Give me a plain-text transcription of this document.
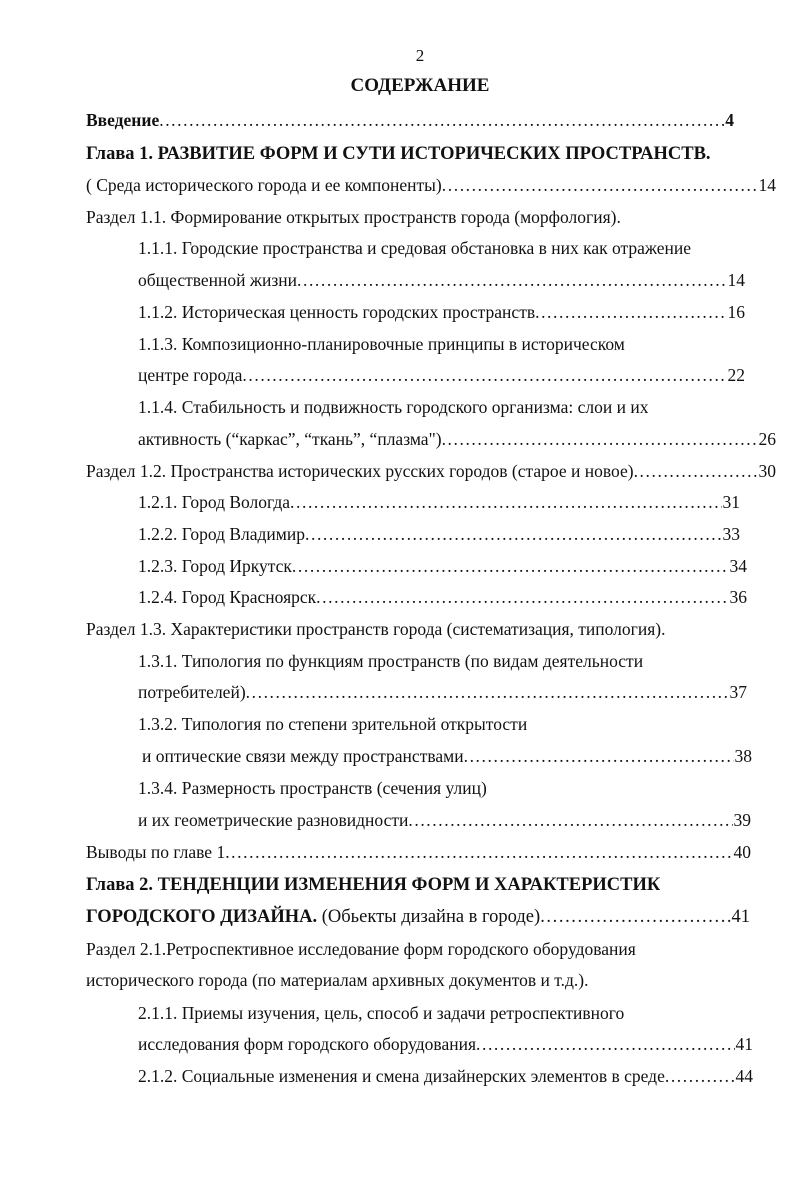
2
СОДЕРЖАНИЕ
Введение .....	4
Глава 1. РАЗВИТИЕ ФОРМ И СУТИ ИСТОРИЧЕСКИХ ПРОСТРАНСТВ.
( Среда исторического города и ее компоненты) .....	14
Раздел 1.1. Формирование открытых пространств города (морфология).
1.1.1. Городские пространства и средовая обстановка в них как отражение
общественной жизни .....	14
1.1.2. Историческая ценность городских пространств .....	16
1.1.3. Композиционно-планировочные принципы в историческом
центре города .....	22
1.1.4. Стабильность и подвижность городского организма: слои и их
активность (“каркас”, “ткань”, “плазма") .....	26
Раздел 1.2. Пространства исторических русских городов (старое и новое) .....	30
1.2.1. Город Вологда .....	31
1.2.2. Город Владимир .....	33
1.2.3. Город Иркутск .....	34
1.2.4. Город Красноярск .....	36
Раздел 1.3. Характеристики пространств города (систематизация, типология).
1.3.1. Типология по функциям пространств (по видам деятельности
потребителей) .....	37
1.3.2. Типология по степени зрительной открытости
и оптические связи между пространствами .....	38
1.3.4. Размерность пространств (сечения улиц)
и их геометрические разновидности .....	39
Выводы по главе 1 .....	40
Глава 2. ТЕНДЕНЦИИ ИЗМЕНЕНИЯ ФОРМ И ХАРАКТЕРИСТИК
ГОРОДСКОГО ДИЗАЙНА. (Обьекты дизайна в городе) .....	41
Раздел 2.1.Ретроспективное исследование форм городского оборудования
исторического города (по материалам архивных документов и т.д.).
2.1.1. Приемы изучения, цель, способ и задачи ретроспективного
исследования форм городского оборудования .....	41
2.1.2. Социальные изменения и смена дизайнерских элементов в среде .....	44
